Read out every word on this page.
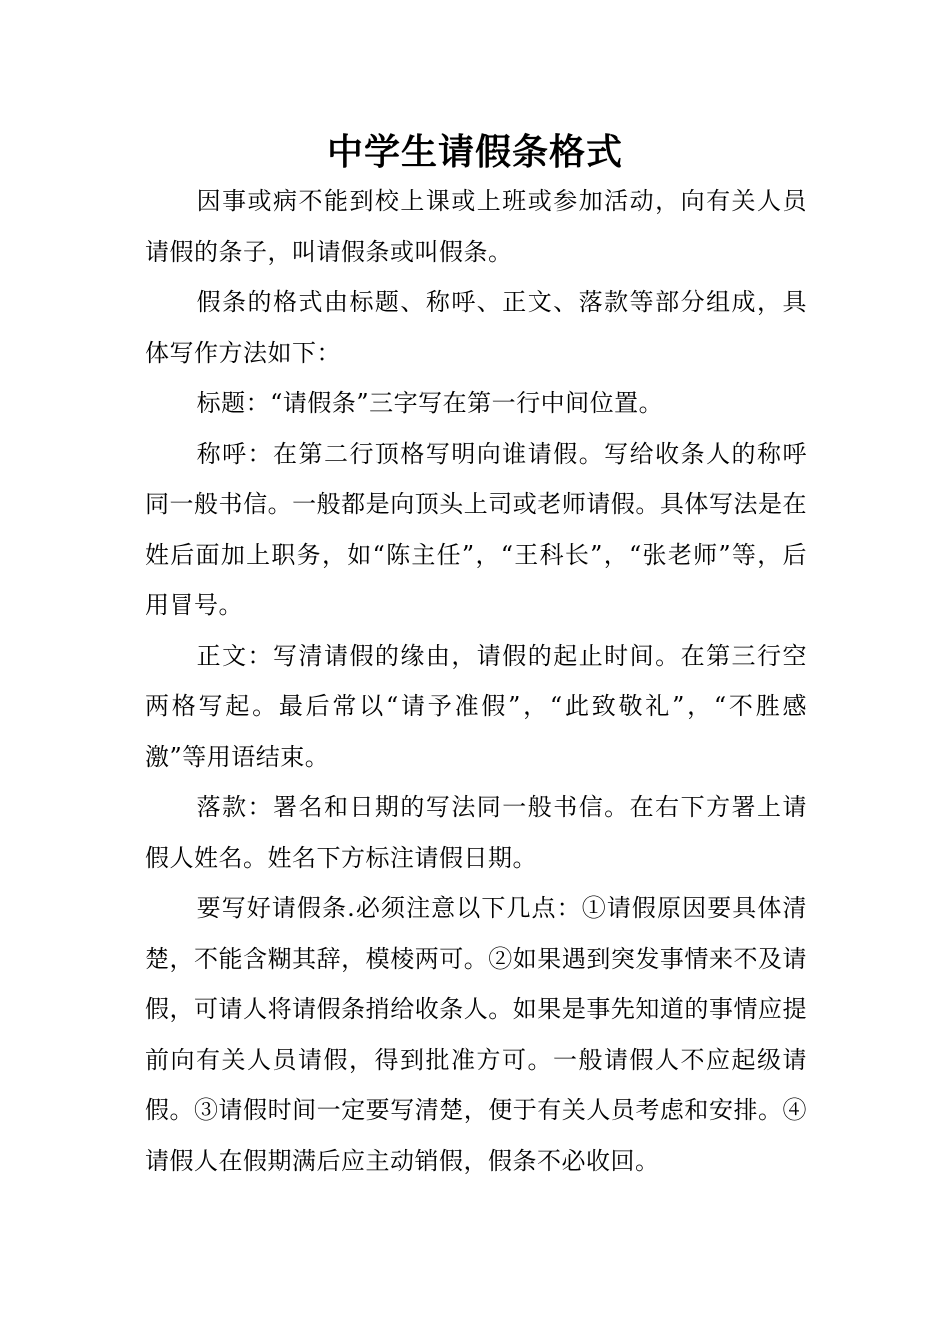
中学生请假条格式

因事或病不能到校上课或上班或参加活动，向有关人员请假的条子，叫请假条或叫假条。

假条的格式由标题、称呼、正文、落款等部分组成，具体写作方法如下：

标题：“请假条”三字写在第一行中间位置。

称呼：在第二行顶格写明向谁请假。写给收条人的称呼同一般书信。一般都是向顶头上司或老师请假。具体写法是在姓后面加上职务，如“陈主任”，“王科长”，“张老师”等，后用冒号。

正文：写清请假的缘由，请假的起止时间。在第三行空两格写起。最后常以“请予准假”，“此致敬礼”，“不胜感激”等用语结束。

落款：署名和日期的写法同一般书信。在右下方署上请假人姓名。姓名下方标注请假日期。

要写好请假条.必须注意以下几点：①请假原因要具体清楚，不能含糊其辞，模棱两可。②如果遇到突发事情来不及请假，可请人将请假条捎给收条人。如果是事先知道的事情应提前向有关人员请假，得到批准方可。一般请假人不应起级请假。③请假时间一定要写清楚，便于有关人员考虑和安排。④请假人在假期满后应主动销假，假条不必收回。
